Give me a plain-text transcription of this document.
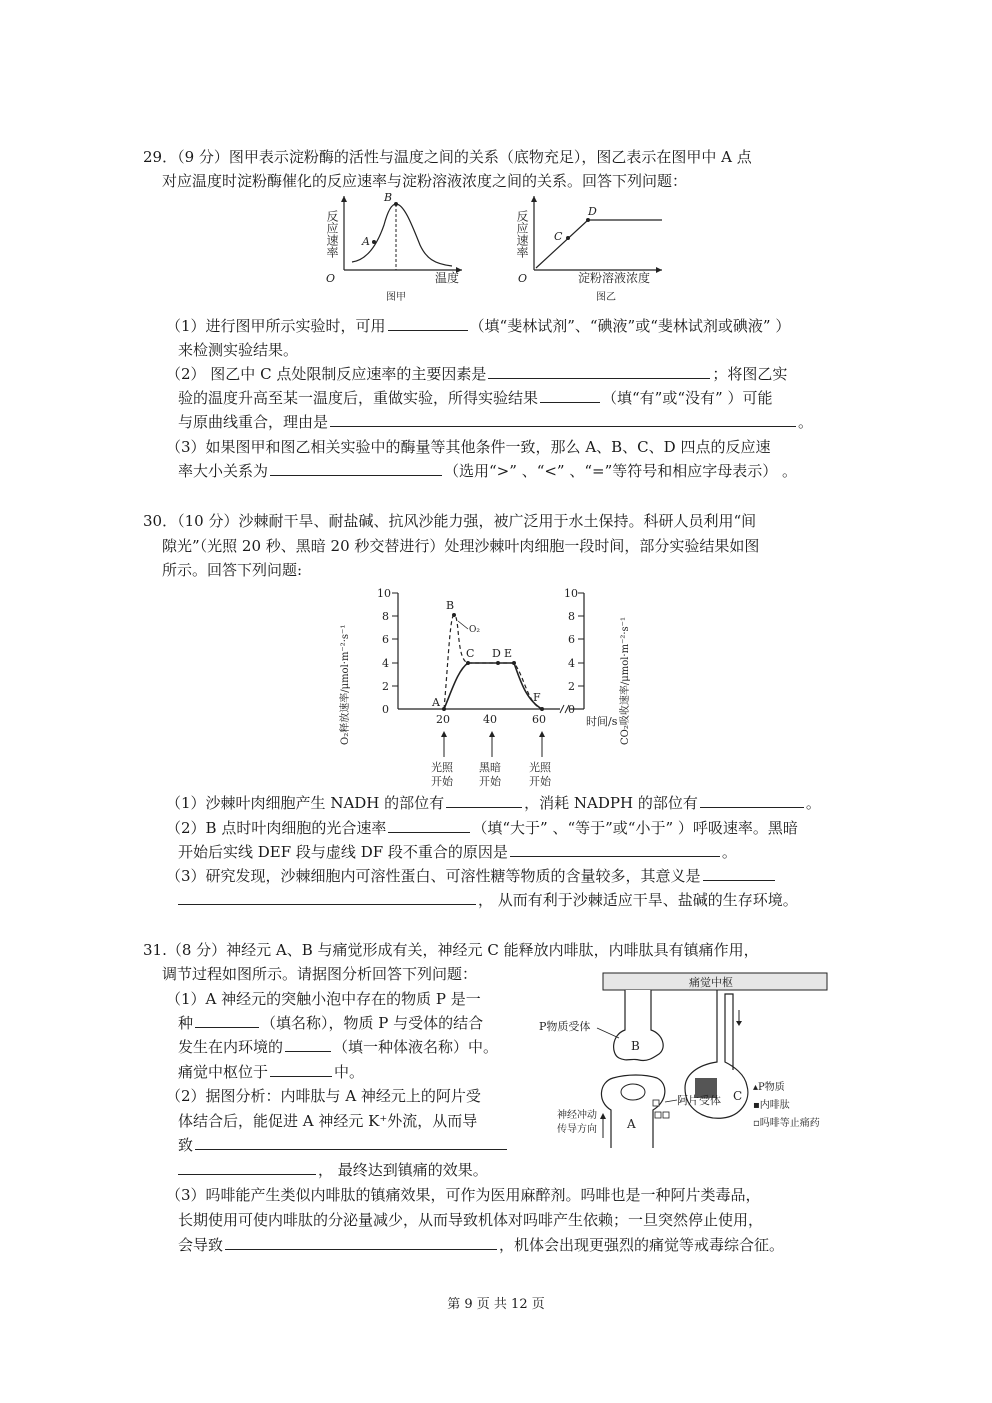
29．（9 分）图甲表示淀粉酶的活性与温度之间的关系（底物充足），图乙表示在图甲中 A 点
对应温度时淀粉酶催化的反应速率与淀粉溶液浓度之间的关系。回答下列问题：
B
A
O	温度
反应速率
图甲
C
D
O	淀粉溶液浓度
反应速率
图乙
（1）进行图甲所示实验时，可用	（填“斐林试剂”、“碘液”或“斐林试剂或碘液” ）
来检测实验结果。
（2） 图乙中 C 点处限制反应速率的主要因素是	；将图乙实
验的温度升高至某一温度后，重做实验，所得实验结果	（填“有”或“没有” ）可能
与原曲线重合，理由是	。
（3）如果图甲和图乙相关实验中的酶量等其他条件一致，那么 A、B、C、D 四点的反应速
率大小关系为	（选用“>” 、“<” 、“=”等符号和相应字母表示） 。
30．（10 分）沙棘耐干旱、耐盐碱、抗风沙能力强，被广泛用于水土保持。科研人员利用“间
隙光”（光照 20 秒、黑暗 20 秒交替进行）处理沙棘叶肉细胞一段时间，部分实验结果如图
所示。回答下列问题:
10
8
6
4
2
0
10
8
6
4
2
0
20	40	60	时间/s
A
B
C D E
F
O₂
O₂释放速率/μmol·m⁻²·s⁻¹	CO₂吸收速率/μmol·m⁻²·s⁻¹
光照
开始
黑暗
开始
光照
开始
（1）沙棘叶肉细胞产生 NADH 的部位有	，消耗 NADPH 的部位有	。
（2）B 点时叶肉细胞的光合速率	（填“大于” 、“等于”或“小于” ）呼吸速率。黑暗
开始后实线 DEF 段与虚线 DF 段不重合的原因是	。
（3）研究发现，沙棘细胞内可溶性蛋白、可溶性糖等物质的含量较多，其意义是
， 从而有利于沙棘适应干旱、盐碱的生存环境。
31.（8 分）神经元 A、B 与痛觉形成有关，神经元 C 能释放内啡肽，内啡肽具有镇痛作用，
调节过程如图所示。请据图分析回答下列问题：
（1）A 神经元的突触小泡中存在的物质 P 是一
种	（填名称），物质 P 与受体的结合
发生在内环境的	（填一种体液名称）中。
痛觉中枢位于	中。
（2）据图分析：内啡肽与 A 神经元上的阿片受
体结合后，能促进 A 神经元 K⁺外流，从而导
致
， 最终达到镇痛的效果。
痛觉中枢
B
P物质受体
C
A
阿片受体
神经冲动
传导方向
▴P物质
▪内啡肽
▫吗啡等止痛药
（3）吗啡能产生类似内啡肽的镇痛效果，可作为医用麻醉剂。吗啡也是一种阿片类毒品，
长期使用可使内啡肽的分泌量减少，从而导致机体对吗啡产生依赖；一旦突然停止使用，
会导致	，机体会出现更强烈的痛觉等戒毒综合征。
第 9 页 共 12 页
